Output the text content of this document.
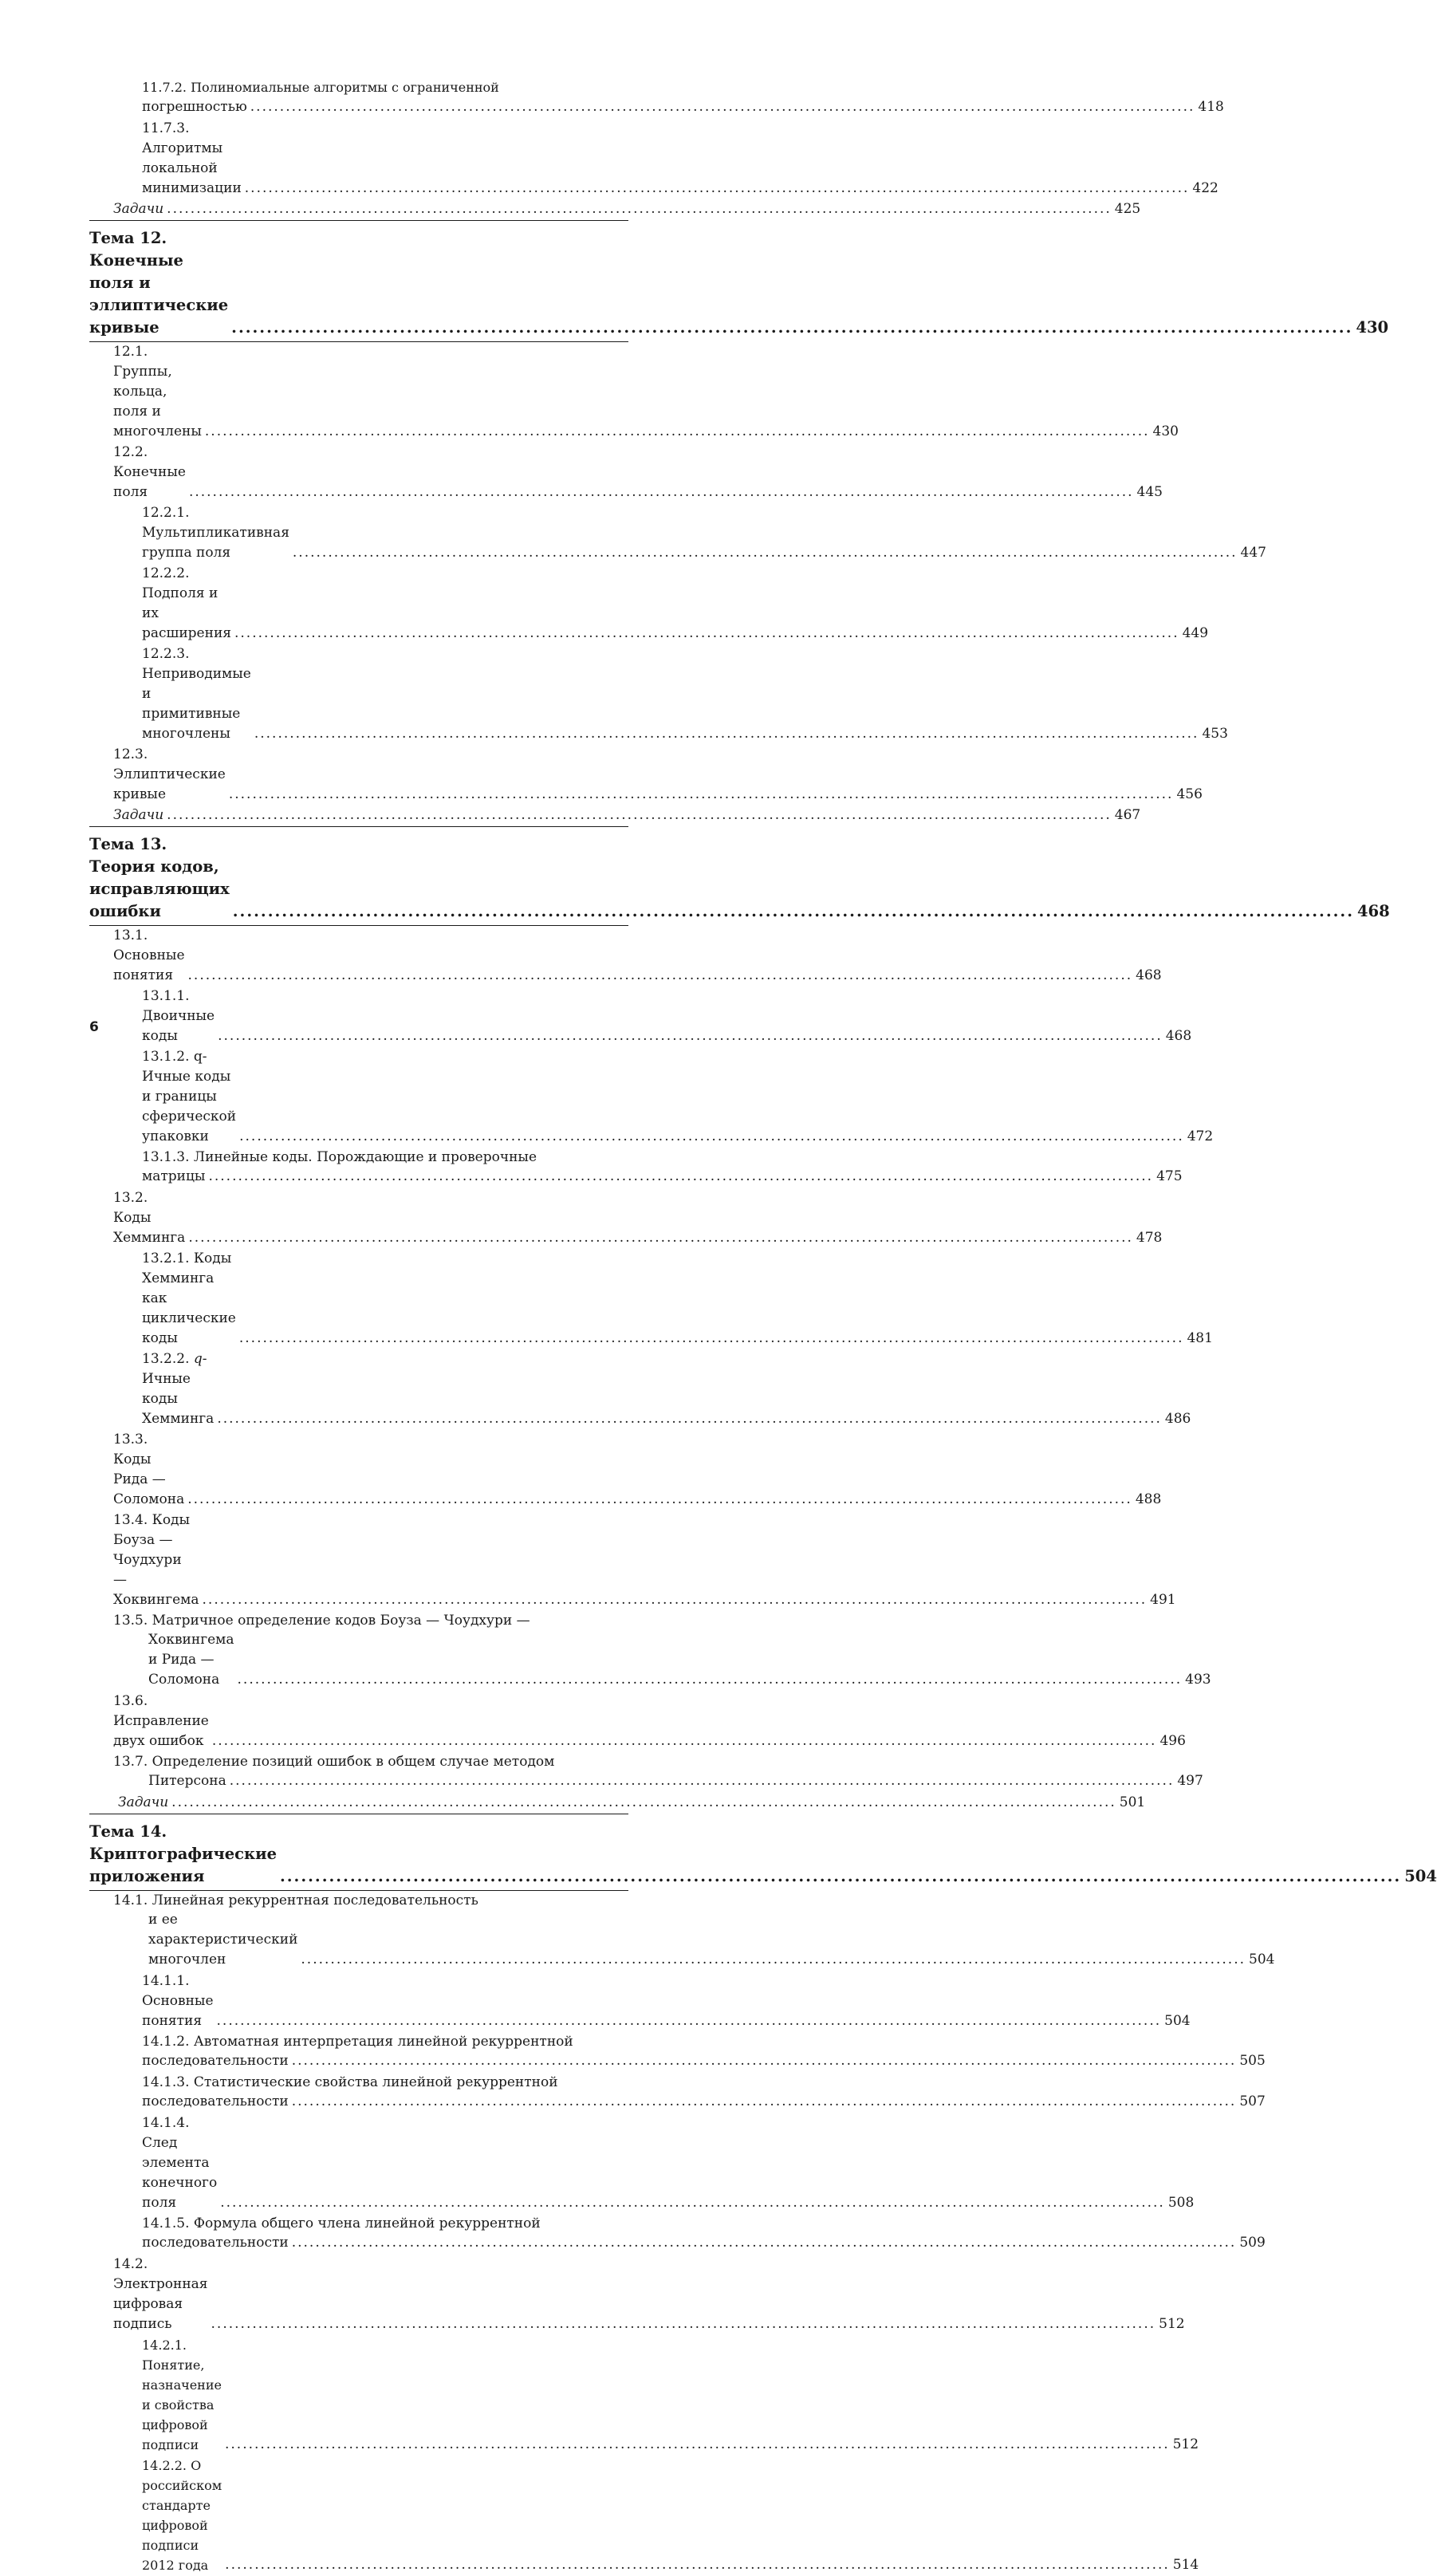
11.7.2. Полиномиальные алгоритмы с ограниченной
погрешностью .....	418
11.7.3. Алгоритмы локальной минимизации .....	422
Задачи .....	425
Тема 12. Конечные поля и эллиптические кривые .....	430
12.1. Группы, кольца, поля и многочлены .....	430
12.2. Конечные поля .....	445
12.2.1. Мультипликативная группа поля .....	447
12.2.2. Подполя и их расширения .....	449
12.2.3. Неприводимые и примитивные многочлены .....	453
12.3. Эллиптические кривые .....	456
Задачи .....	467
Тема 13. Теория кодов, исправляющих ошибки .....	468
13.1. Основные понятия .....	468
13.1.1. Двоичные коды .....	468
13.1.2. q-Ичные коды и границы сферической упаковки .....	472
13.1.3. Линейные коды. Порождающие и проверочные
матрицы .....	475
13.2. Коды Хемминга .....	478
13.2.1. Коды Хемминга как циклические коды .....	481
13.2.2. q-Ичные коды Хемминга .....	486
13.3. Коды Рида — Соломона .....	488
13.4. Коды Боуза — Чоудхури — Хоквингема .....	491
13.5. Матричное определение кодов Боуза — Чоудхури —
Хоквингема и Рида — Соломона .....	493
13.6. Исправление двух ошибок .....	496
13.7. Определение позиций ошибок в общем случае методом
Питерсона .....	497
Задачи .....	501
Тема 14. Криптографические приложения .....	504
14.1. Линейная рекуррентная последовательность
и ее характеристический многочлен .....	504
14.1.1. Основные понятия .....	504
14.1.2. Автоматная интерпретация линейной рекуррентной
последовательности .....	505
14.1.3. Статистические свойства линейной рекуррентной
последовательности .....	507
14.1.4. След элемента конечного поля .....	508
14.1.5. Формула общего члена линейной рекуррентной
последовательности .....	509
14.2. Электронная цифровая подпись .....	512
14.2.1. Понятие, назначение и свойства цифровой подписи .....	512
14.2.2. О российском стандарте цифровой подписи 2012 года .....	514
6
